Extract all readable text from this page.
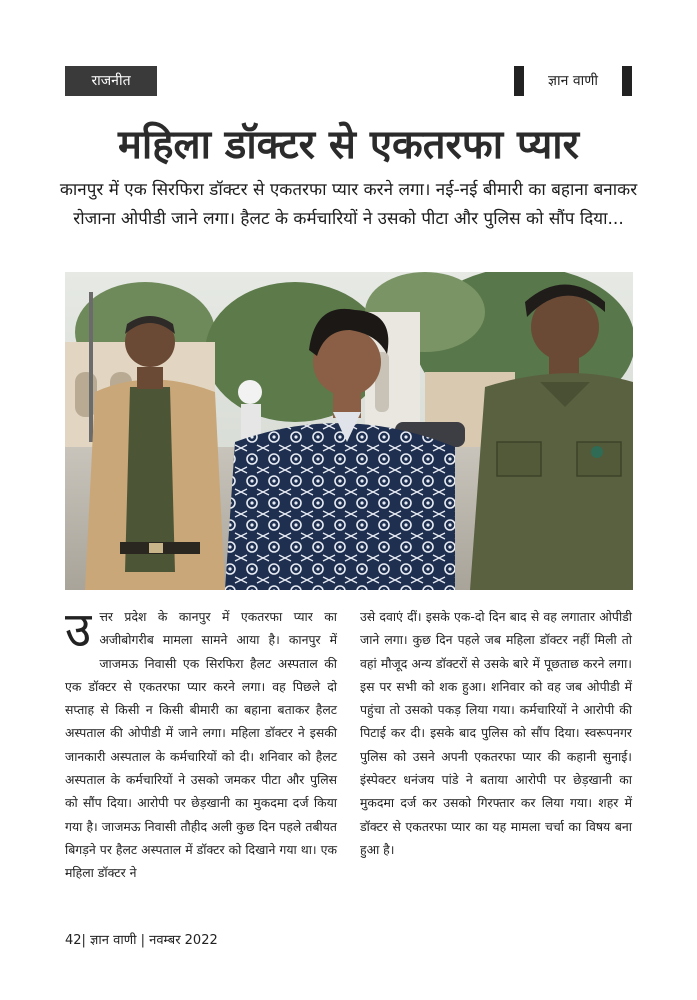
राजनीत	ज्ञान वाणी
महिला डॉक्टर से एकतरफा प्यार

कानपुर में एक सिरफिरा डॉक्टर से एकतरफा प्यार करने लगा। नई-नई बीमारी का बहाना बनाकर रोजाना ओपीडी जाने लगा। हैलट के कर्मचारियों ने उसको पीटा और पुलिस को सौंप दिया...

उत्तर प्रदेश के कानपुर में एकतरफा प्यार का अजीबोगरीब मामला सामने आया है। कानपुर में जाजमऊ निवासी एक सिरफिरा हैलट अस्पताल की एक डॉक्टर से एकतरफा प्यार करने लगा। वह पिछले दो सप्ताह से किसी न किसी बीमारी का बहाना बताकर हैलट अस्पताल की ओपीडी में जाने लगा। महिला डॉक्टर ने इसकी जानकारी अस्पताल के कर्मचारियों को दी। शनिवार को हैलट अस्पताल के कर्मचारियों ने उसको जमकर पीटा और पुलिस को सौंप दिया। आरोपी पर छेड़खानी का मुकदमा दर्ज किया गया है। जाजमऊ निवासी तौहीद अली कुछ दिन पहले तबीयत बिगड़ने पर हैलट अस्पताल में डॉक्टर को दिखाने गया था। एक महिला डॉक्टर ने

उसे दवाएं दीं। इसके एक-दो दिन बाद से वह लगातार ओपीडी जाने लगा। कुछ दिन पहले जब महिला डॉक्टर नहीं मिली तो वहां मौजूद अन्य डॉक्टरों से उसके बारे में पूछताछ करने लगा। इस पर सभी को शक हुआ। शनिवार को वह जब ओपीडी में पहुंचा तो उसको पकड़ लिया गया। कर्मचारियों ने आरोपी की पिटाई कर दी। इसके बाद पुलिस को सौंप दिया। स्वरूपनगर पुलिस को उसने अपनी एकतरफा प्यार की कहानी सुनाई। इंस्पेक्टर धनंजय पांडे ने बताया आरोपी पर छेड़खानी का मुकदमा दर्ज कर उसको गिरफ्तार कर लिया गया। शहर में डॉक्टर से एकतरफा प्यार का यह मामला चर्चा का विषय बना हुआ है।

42| ज्ञान वाणी | नवम्बर 2022
